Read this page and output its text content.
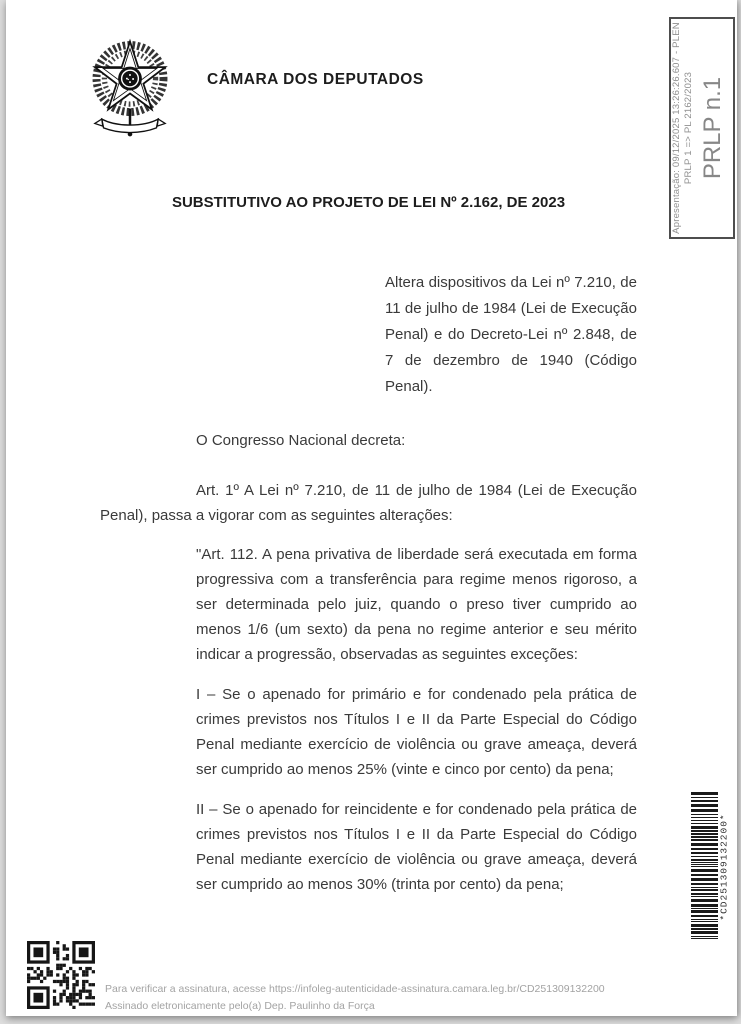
CÂMARA DOS DEPUTADOS	Apresentação: 09/12/2025 13:26:26.607 - PLEN PRLP 1 => PL 2162/2023 PRLP n.1
SUBSTITUTIVO AO PROJETO DE LEI Nº 2.162, DE 2023

Altera dispositivos da Lei nº 7.210, de 11 de julho de 1984 (Lei de Execução Penal) e do Decreto-Lei nº 2.848, de 7 de dezembro de 1940 (Código Penal).

O Congresso Nacional decreta:

Art. 1º A Lei nº 7.210, de 11 de julho de 1984 (Lei de Execução Penal), passa a vigorar com as seguintes alterações:

"Art. 112. A pena privativa de liberdade será executada em forma progressiva com a transferência para regime menos rigoroso, a ser determinada pelo juiz, quando o preso tiver cumprido ao menos 1/6 (um sexto) da pena no regime anterior e seu mérito indicar a progressão, observadas as seguintes exceções:

I – Se o apenado for primário e for condenado pela prática de crimes previstos nos Títulos I e II da Parte Especial do Código Penal mediante exercício de violência ou grave ameaça, deverá ser cumprido ao menos 25% (vinte e cinco por cento) da pena;

II – Se o apenado for reincidente e for condenado pela prática de crimes previstos nos Títulos I e II da Parte Especial do Código Penal mediante exercício de violência ou grave ameaça, deverá ser cumprido ao menos 30% (trinta por cento) da pena;

Para verificar a assinatura, acesse https://infoleg-autenticidade-assinatura.camara.leg.br/CD251309132200
Assinado eletronicamente pelo(a) Dep. Paulinho da Força
*CD251309132200*
